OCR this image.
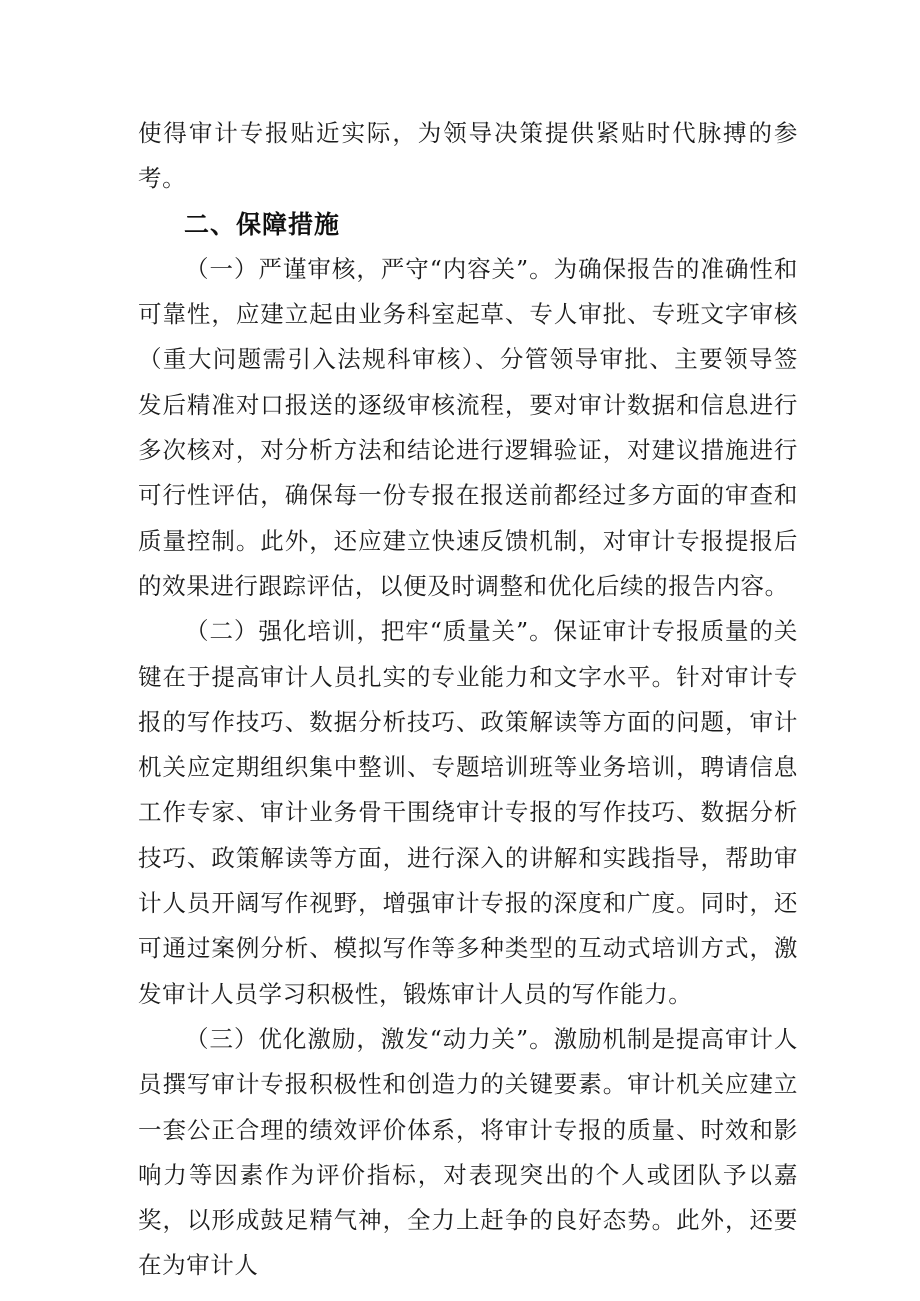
使得审计专报贴近实际，为领导决策提供紧贴时代脉搏的参考。

二、保障措施

（一）严谨审核，严守“内容关”。为确保报告的准确性和可靠性，应建立起由业务科室起草、专人审批、专班文字审核（重大问题需引入法规科审核）、分管领导审批、主要领导签发后精准对口报送的逐级审核流程，要对审计数据和信息进行多次核对，对分析方法和结论进行逻辑验证，对建议措施进行可行性评估，确保每一份专报在报送前都经过多方面的审查和质量控制。此外，还应建立快速反馈机制，对审计专报提报后的效果进行跟踪评估，以便及时调整和优化后续的报告内容。

（二）强化培训，把牢“质量关”。保证审计专报质量的关键在于提高审计人员扎实的专业能力和文字水平。针对审计专报的写作技巧、数据分析技巧、政策解读等方面的问题，审计机关应定期组织集中整训、专题培训班等业务培训，聘请信息工作专家、审计业务骨干围绕审计专报的写作技巧、数据分析技巧、政策解读等方面，进行深入的讲解和实践指导，帮助审计人员开阔写作视野，增强审计专报的深度和广度。同时，还可通过案例分析、模拟写作等多种类型的互动式培训方式，激发审计人员学习积极性，锻炼审计人员的写作能力。

（三）优化激励，激发“动力关”。激励机制是提高审计人员撰写审计专报积极性和创造力的关键要素。审计机关应建立一套公正合理的绩效评价体系，将审计专报的质量、时效和影响力等因素作为评价指标，对表现突出的个人或团队予以嘉奖，以形成鼓足精气神，全力上赶争的良好态势。此外，还要在为审计人
